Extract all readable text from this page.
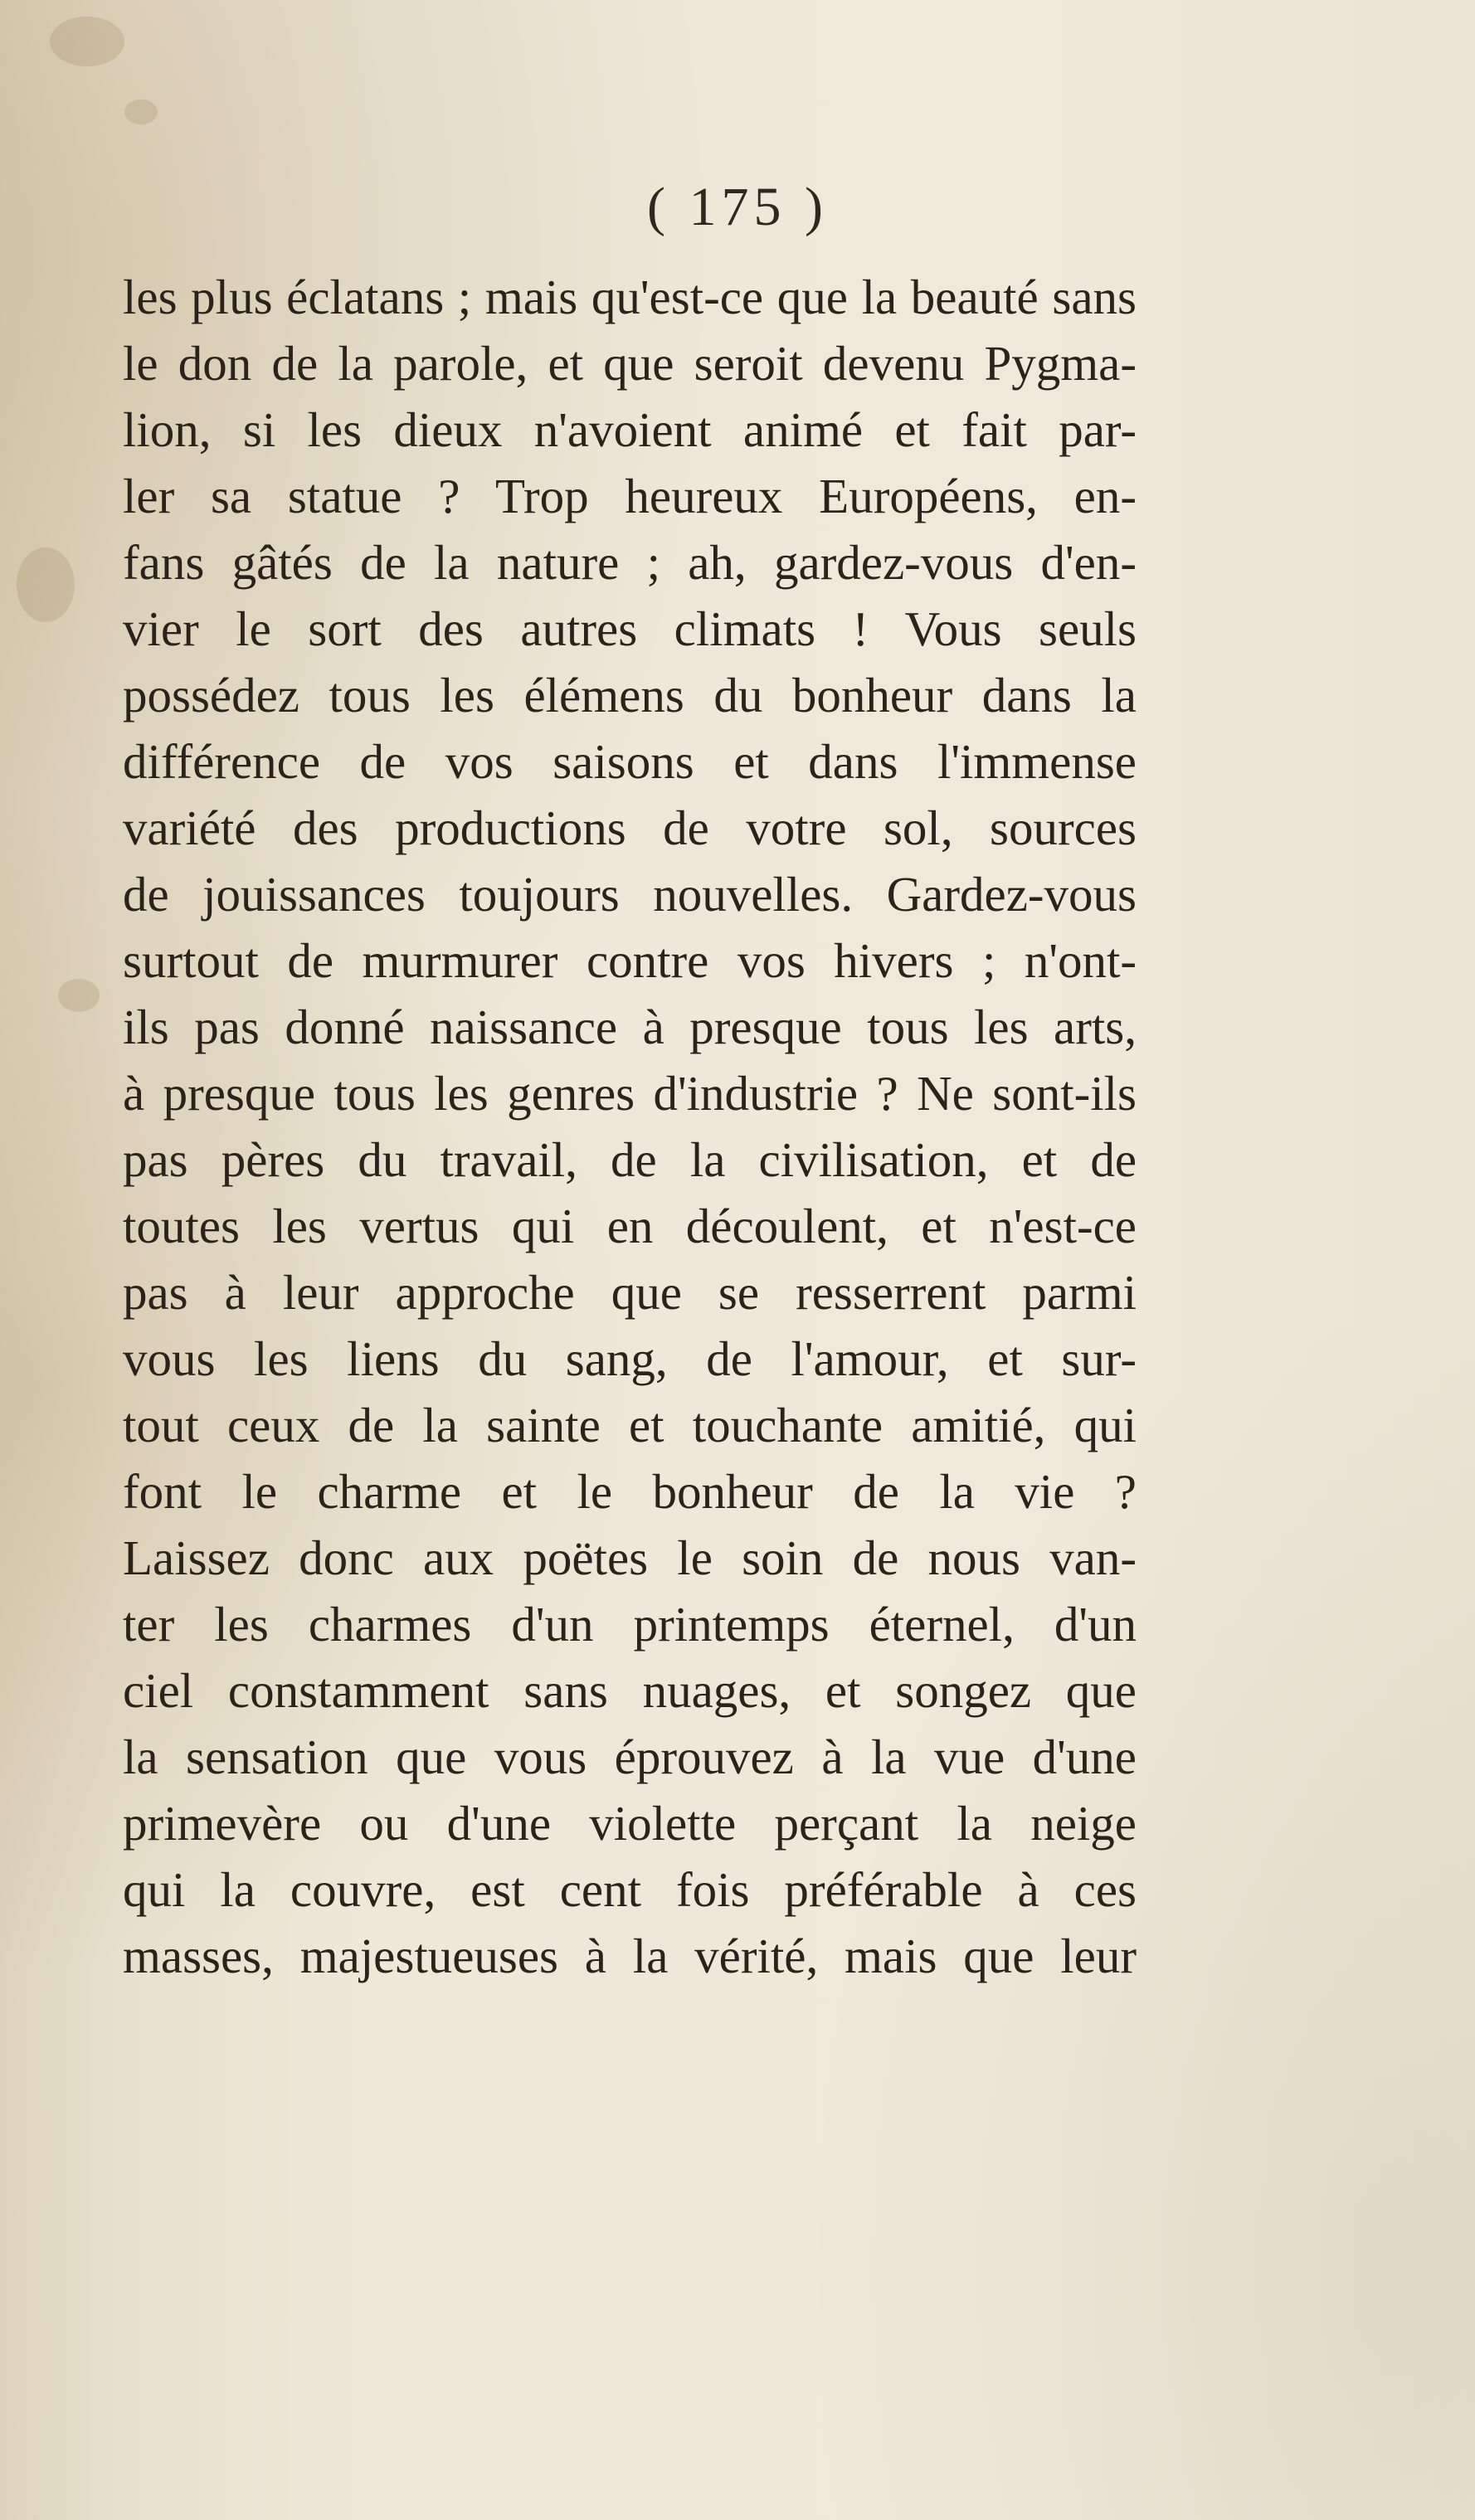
( 175 )
les plus éclatans ; mais qu'est-ce que la beauté sans
le don de la parole, et que seroit devenu Pygma-
lion, si les dieux n'avoient animé et fait par-
ler sa statue ? Trop heureux Européens, en-
fans gâtés de la nature ; ah, gardez-vous d'en-
vier le sort des autres climats ! Vous seuls
possédez tous les élémens du bonheur dans la
différence de vos saisons et dans l'immense
variété des productions de votre sol, sources
de jouissances toujours nouvelles. Gardez-vous
surtout de murmurer contre vos hivers ; n'ont-
ils pas donné naissance à presque tous les arts,
à presque tous les genres d'industrie ? Ne sont-ils
pas pères du travail, de la civilisation, et de
toutes les vertus qui en découlent, et n'est-ce
pas à leur approche que se resserrent parmi
vous les liens du sang, de l'amour, et sur-
tout ceux de la sainte et touchante amitié, qui
font le charme et le bonheur de la vie ?
Laissez donc aux poëtes le soin de nous van-
ter les charmes d'un printemps éternel, d'un
ciel constamment sans nuages, et songez que
la sensation que vous éprouvez à la vue d'une
primevère ou d'une violette perçant la neige
qui la couvre, est cent fois préférable à ces
masses, majestueuses à la vérité, mais que leur
